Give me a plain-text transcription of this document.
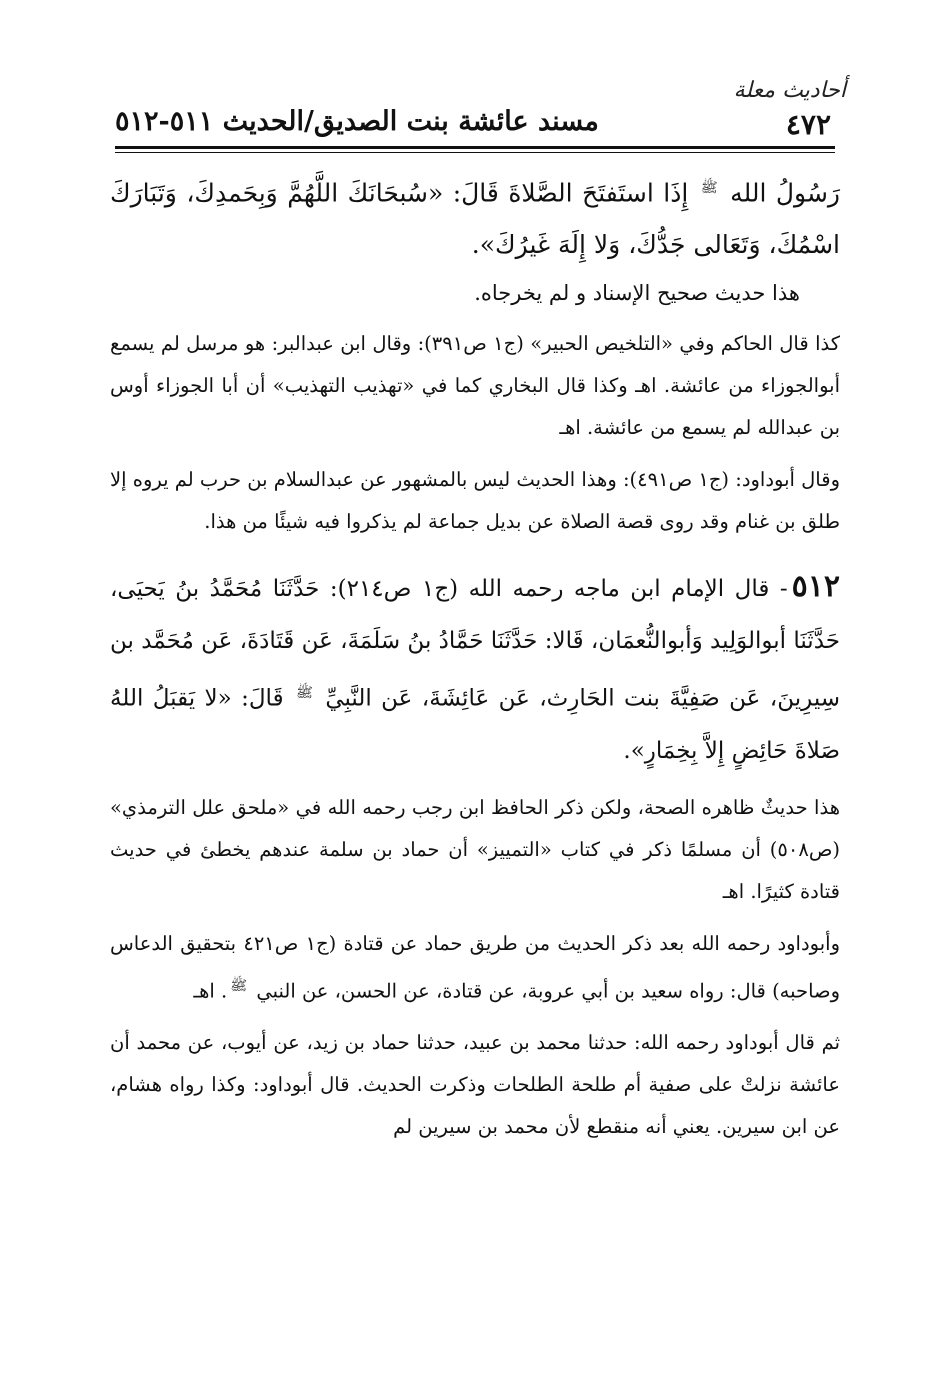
أحاديث معلة
٤٧٢
مسند عائشة بنت الصديق/الحديث ٥١١-٥١٢

رَسُولُ الله $^ﷺ$ إِذَا استَفتَحَ الصَّلاةَ قَالَ: «سُبحَانَكَ اللَّهُمَّ وَبِحَمدِكَ، وَتَبَارَكَ اسْمُكَ، وَتَعَالى جَدُّكَ، وَلا إِلَهَ غَيرُكَ».

هذا حديث صحيح الإسناد و لم يخرجاه.

كذا قال الحاكم وفي «التلخيص الحبير» (ج١ ص٣٩١): وقال ابن عبدالبر: هو مرسل لم يسمع أبوالجوزاء من عائشة. اهـ وكذا قال البخاري كما في «تهذيب التهذيب» أن أبا الجوزاء أوس بن عبدالله لم يسمع من عائشة. اهـ

وقال أبوداود: (ج١ ص٤٩١): وهذا الحديث ليس بالمشهور عن عبدالسلام بن حرب لم يروه إلا طلق بن غنام وقد روى قصة الصلاة عن بديل جماعة لم يذكروا فيه شيئًا من هذا.

٥١٢- قال الإمام ابن ماجه رحمه الله (ج١ ص٢١٤): حَدَّثَنَا مُحَمَّدُ بنُ يَحيَى، حَدَّثَنَا أبوالوَلِيد وَأبوالنُّعمَان، قَالا: حَدَّثَنَا حَمَّادُ بنُ سَلَمَةَ، عَن قَتَادَةَ، عَن مُحَمَّد بن سِيرِينَ، عَن صَفِيَّةَ بنت الحَارِث، عَن عَائِشَةَ، عَن النَّبِيِّ $^ﷺ$ قَالَ: «لا يَقبَلُ اللهُ صَلاةَ حَائِضٍ إِلاَّ بِخِمَارٍ».

هذا حديثٌ ظاهره الصحة، ولكن ذكر الحافظ ابن رجب رحمه الله في «ملحق علل الترمذي» (ص٥٠٨) أن مسلمًا ذكر في كتاب «التمييز» أن حماد بن سلمة عندهم يخطئ في حديث قتادة كثيرًا. اهـ

وأبوداود رحمه الله بعد ذكر الحديث من طريق حماد عن قتادة (ج١ ص٤٢١ بتحقيق الدعاس وصاحبه) قال: رواه سعيد بن أبي عروبة، عن قتادة، عن الحسن، عن النبي $^ﷺ$. اهـ

ثم قال أبوداود رحمه الله: حدثنا محمد بن عبيد، حدثنا حماد بن زيد، عن أيوب، عن محمد أن عائشة نزلتْ على صفية أم طلحة الطلحات وذكرت الحديث. قال أبوداود: وكذا رواه هشام، عن ابن سيرين. يعني أنه منقطع لأن محمد بن سيرين لم
